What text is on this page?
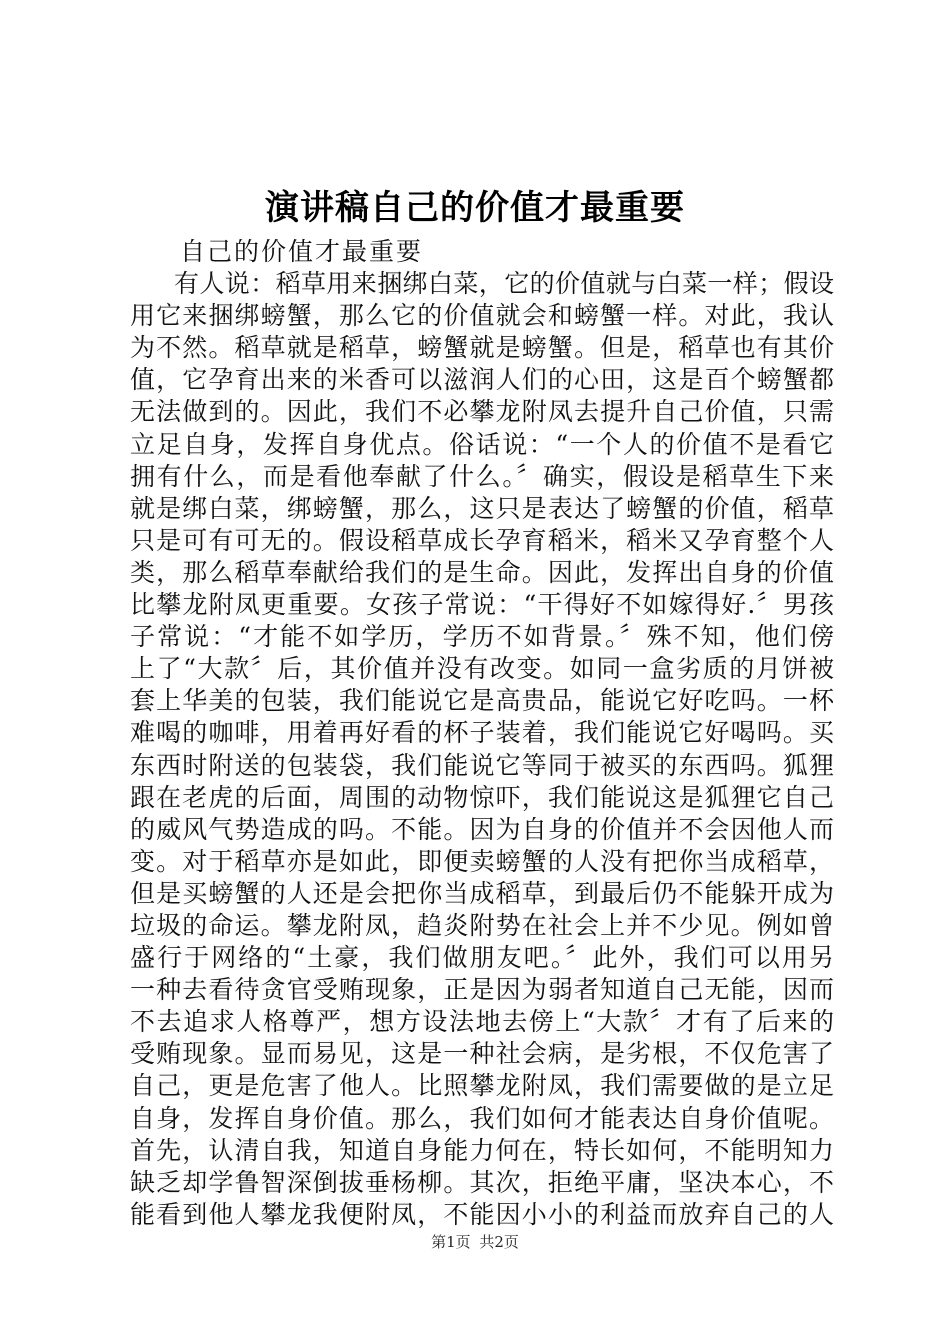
演讲稿自己的价值才最重要
自己的价值才最重要
有人说：稻草用来捆绑白菜，它的价值就与白菜一样；假设
用它来捆绑螃蟹，那么它的价值就会和螃蟹一样。对此，我认
为不然。稻草就是稻草，螃蟹就是螃蟹。但是，稻草也有其价
值，它孕育出来的米香可以滋润人们的心田，这是百个螃蟹都
无法做到的。因此，我们不必攀龙附凤去提升自己价值，只需
立足自身，发挥自身优点。俗话说：“一个人的价值不是看它
拥有什么，而是看他奉献了什么。〞确实，假设是稻草生下来
就是绑白菜，绑螃蟹，那么，这只是表达了螃蟹的价值，稻草
只是可有可无的。假设稻草成长孕育稻米，稻米又孕育整个人
类，那么稻草奉献给我们的是生命。因此，发挥出自身的价值
比攀龙附凤更重要。女孩子常说：“干得好不如嫁得好.〞男孩
子常说：“才能不如学历，学历不如背景。〞殊不知，他们傍
上了“大款〞后，其价值并没有改变。如同一盒劣质的月饼被
套上华美的包装，我们能说它是高贵品，能说它好吃吗。一杯
难喝的咖啡，用着再好看的杯子装着，我们能说它好喝吗。买
东西时附送的包装袋，我们能说它等同于被买的东西吗。狐狸
跟在老虎的后面，周围的动物惊吓，我们能说这是狐狸它自己
的威风气势造成的吗。不能。因为自身的价值并不会因他人而
变。对于稻草亦是如此，即便卖螃蟹的人没有把你当成稻草，
但是买螃蟹的人还是会把你当成稻草，到最后仍不能躲开成为
垃圾的命运。攀龙附凤，趋炎附势在社会上并不少见。例如曾
盛行于网络的“土豪，我们做朋友吧。〞此外，我们可以用另
一种去看待贪官受贿现象，正是因为弱者知道自己无能，因而
不去追求人格尊严，想方设法地去傍上“大款〞才有了后来的
受贿现象。显而易见，这是一种社会病，是劣根，不仅危害了
自己，更是危害了他人。比照攀龙附凤，我们需要做的是立足
自身，发挥自身价值。那么，我们如何才能表达自身价值呢。
首先，认清自我，知道自身能力何在，特长如何，不能明知力
缺乏却学鲁智深倒拔垂杨柳。其次，拒绝平庸，坚决本心，不
能看到他人攀龙我便附凤，不能因小小的利益而放弃自己的人
第1页 共2页
